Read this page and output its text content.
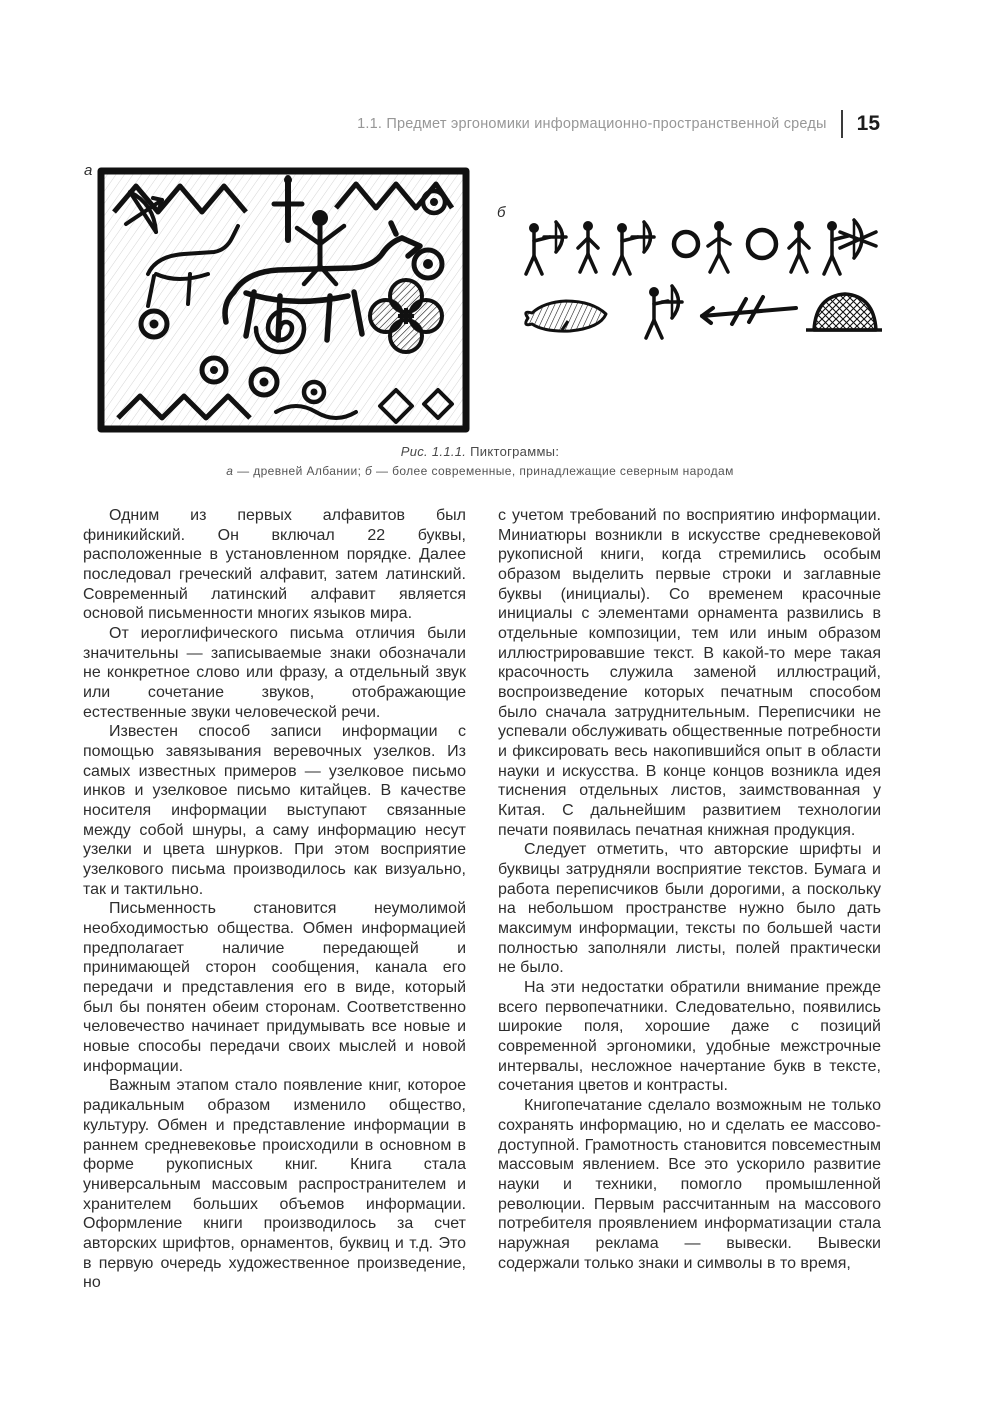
1.1. Предмет эргономики информационно-пространственной среды 15
а
б
Рис. 1.1.1. Пиктограммы:
а — древней Албании; б — более современные, принадлежащие северным народам

Одним из первых алфавитов был финикийский. Он включал 22 буквы, расположенные в установленном порядке. Далее последовал греческий алфавит, затем латинский. Современный латинский алфавит является основой письменности многих языков мира.

От иероглифического письма отличия были значительны — записываемые знаки обозначали не конкретное слово или фразу, а отдельный звук или сочетание звуков, отображающие естественные звуки человеческой речи.

Известен способ записи информации с помощью завязывания веревочных узелков. Из самых известных примеров — узелковое письмо инков и узелковое письмо китайцев. В качестве носителя информации выступают связанные между собой шнуры, а саму информацию несут узелки и цвета шнурков. При этом восприятие узелкового письма производилось как визуально, так и тактильно.

Письменность становится неумолимой необходимостью общества. Обмен информацией предполагает наличие передающей и принимающей сторон сообщения, канала его передачи и представления его в виде, который был бы понятен обеим сторонам. Соответственно человечество начинает придумывать все новые и новые способы передачи своих мыслей и новой информации.

Важным этапом стало появление книг, которое радикальным образом изменило общество, культуру. Обмен и представление информации в раннем средневековье происходили в основном в форме рукописных книг. Книга стала универсальным массовым распространителем и хранителем больших объемов информации. Оформление книги производилось за счет авторских шрифтов, орнаментов, буквиц и т.д. Это в первую очередь художественное произведение, но

с учетом требований по восприятию информации. Миниатюры возникли в искусстве средневековой рукописной книги, когда стремились особым образом выделить первые строки и заглавные буквы (инициалы). Со временем красочные инициалы с элементами орнамента развились в отдельные композиции, тем или иным образом иллюстрировавшие текст. В какой-то мере такая красочность служила заменой иллюстраций, воспроизведение которых печатным способом было сначала затруднительным. Переписчики не успевали обслуживать общественные потребности и фиксировать весь накопившийся опыт в области науки и искусства. В конце концов возникла идея тиснения отдельных листов, заимствованная у Китая. С дальнейшим развитием технологии печати появилась печатная книжная продукция.

Следует отметить, что авторские шрифты и буквицы затрудняли восприятие текстов. Бумага и работа переписчиков были дорогими, а поскольку на небольшом пространстве нужно было дать максимум информации, тексты по большей части полностью заполняли листы, полей практически не было.

На эти недостатки обратили внимание прежде всего первопечатники. Следовательно, появились широкие поля, хорошие даже с позиций современной эргономики, удобные межстрочные интервалы, несложное начертание букв в тексте, сочетания цветов и контрасты.

Книгопечатание сделало возможным не только сохранять информацию, но и сделать ее массово-доступной. Грамотность становится повсеместным массовым явлением. Все это ускорило развитие науки и техники, помогло промышленной революции. Первым рассчитанным на массового потребителя проявлением информатизации стала наружная реклама — вывески. Вывески содержали только знаки и символы в то время,
